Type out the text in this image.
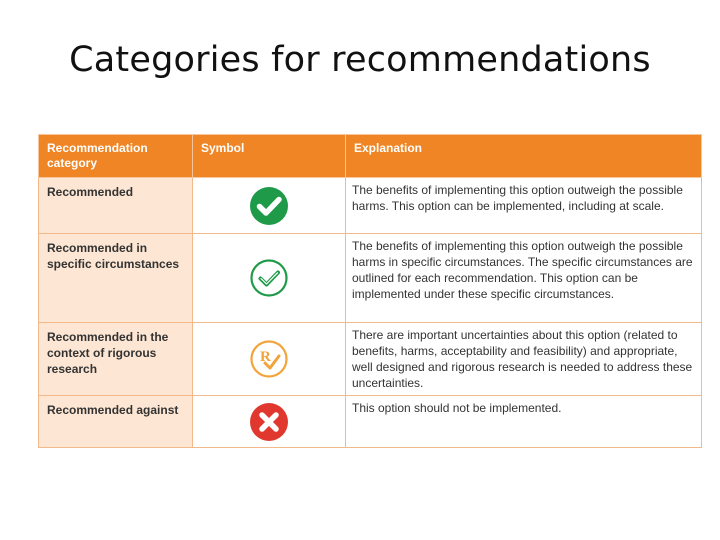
Categories for recommendations
Recommendation category	Symbol	Explanation
Recommended		The benefits of implementing this option outweigh the possible harms. This option can be implemented, including at scale.
Recommended in specific circumstances		The benefits of implementing this option outweigh the possible harms in specific circumstances. The specific circumstances are outlined for each recommendation. This option can be implemented under these specific circumstances.
Recommended in the context of rigorous research	R	There are important uncertainties about this option (related to benefits, harms, acceptability and feasibility) and appropriate, well designed and rigorous research is needed to address these uncertainties.
Recommended against		This option should not be implemented.
